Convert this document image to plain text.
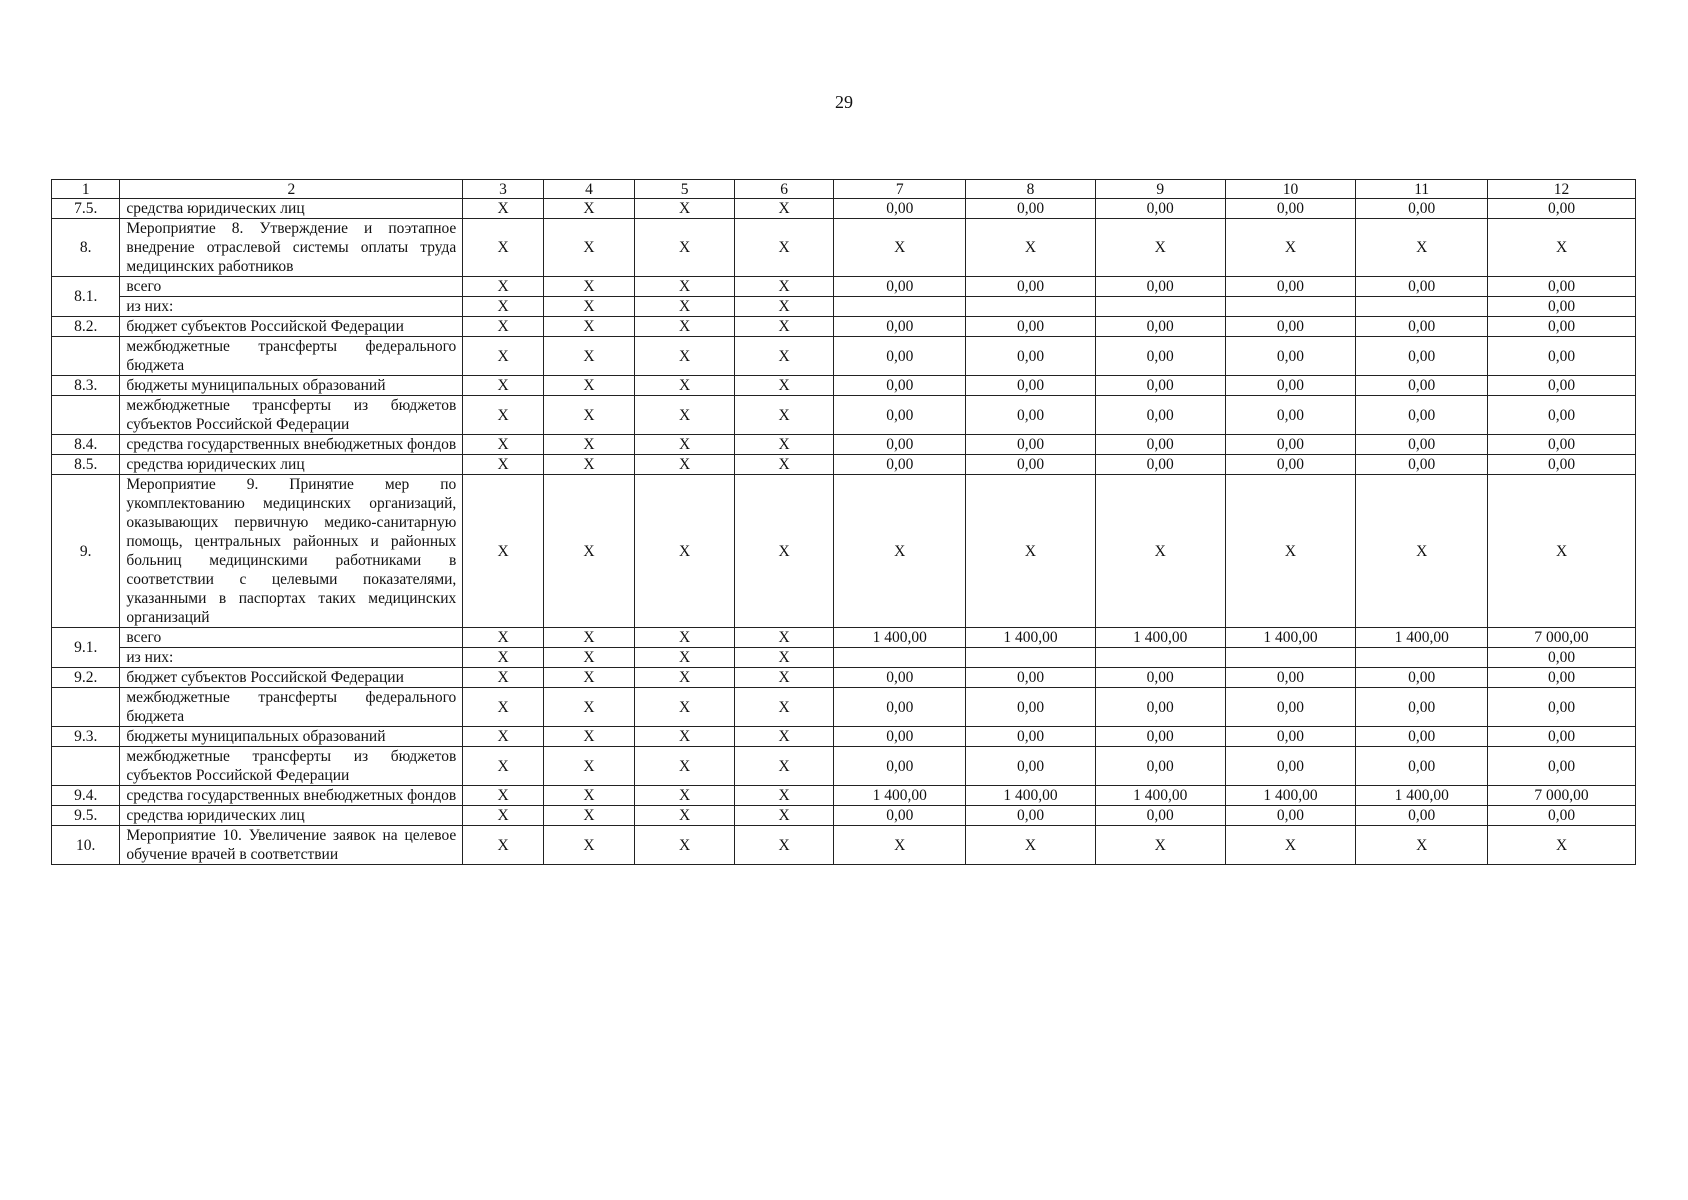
29
1	2	3	4	5	6	7	8	9	10	11	12
7.5.	средства юридических лиц	Х	Х	Х	Х	0,00	0,00	0,00	0,00	0,00	0,00
8.	Мероприятие 8. Утверждение и поэтапное внедрение отраслевой системы оплаты труда медицинских работников	Х	Х	Х	Х	Х	Х	Х	Х	Х	Х
8.1.	всего	Х	Х	Х	Х	0,00	0,00	0,00	0,00	0,00	0,00
	из них:	Х	Х	Х	Х						0,00
8.2.	бюджет субъектов Российской Федерации	Х	Х	Х	Х	0,00	0,00	0,00	0,00	0,00	0,00
	межбюджетные трансферты федерального бюджета	Х	Х	Х	Х	0,00	0,00	0,00	0,00	0,00	0,00
8.3.	бюджеты муниципальных образований	Х	Х	Х	Х	0,00	0,00	0,00	0,00	0,00	0,00
	межбюджетные трансферты из бюджетов субъектов Российской Федерации	Х	Х	Х	Х	0,00	0,00	0,00	0,00	0,00	0,00
8.4.	средства государственных внебюджетных фондов	Х	Х	Х	Х	0,00	0,00	0,00	0,00	0,00	0,00
8.5.	средства юридических лиц	Х	Х	Х	Х	0,00	0,00	0,00	0,00	0,00	0,00
9.	Мероприятие 9. Принятие мер по укомплектованию медицинских организаций, оказывающих первичную медико-санитарную помощь, центральных районных и районных больниц медицинскими работниками в соответствии с целевыми показателями, указанными в паспортах таких медицинских организаций	Х	Х	Х	Х	Х	Х	Х	Х	Х	Х
9.1.	всего	Х	Х	Х	Х	1 400,00	1 400,00	1 400,00	1 400,00	1 400,00	7 000,00
	из них:	Х	Х	Х	Х						0,00
9.2.	бюджет субъектов Российской Федерации	Х	Х	Х	Х	0,00	0,00	0,00	0,00	0,00	0,00
	межбюджетные трансферты федерального бюджета	Х	Х	Х	Х	0,00	0,00	0,00	0,00	0,00	0,00
9.3.	бюджеты муниципальных образований	Х	Х	Х	Х	0,00	0,00	0,00	0,00	0,00	0,00
	межбюджетные трансферты из бюджетов субъектов Российской Федерации	Х	Х	Х	Х	0,00	0,00	0,00	0,00	0,00	0,00
9.4.	средства государственных внебюджетных фондов	Х	Х	Х	Х	1 400,00	1 400,00	1 400,00	1 400,00	1 400,00	7 000,00
9.5.	средства юридических лиц	Х	Х	Х	Х	0,00	0,00	0,00	0,00	0,00	0,00
10.	Мероприятие 10. Увеличение заявок на целевое обучение врачей в соответствии	Х	Х	Х	Х	Х	Х	Х	Х	Х	Х
